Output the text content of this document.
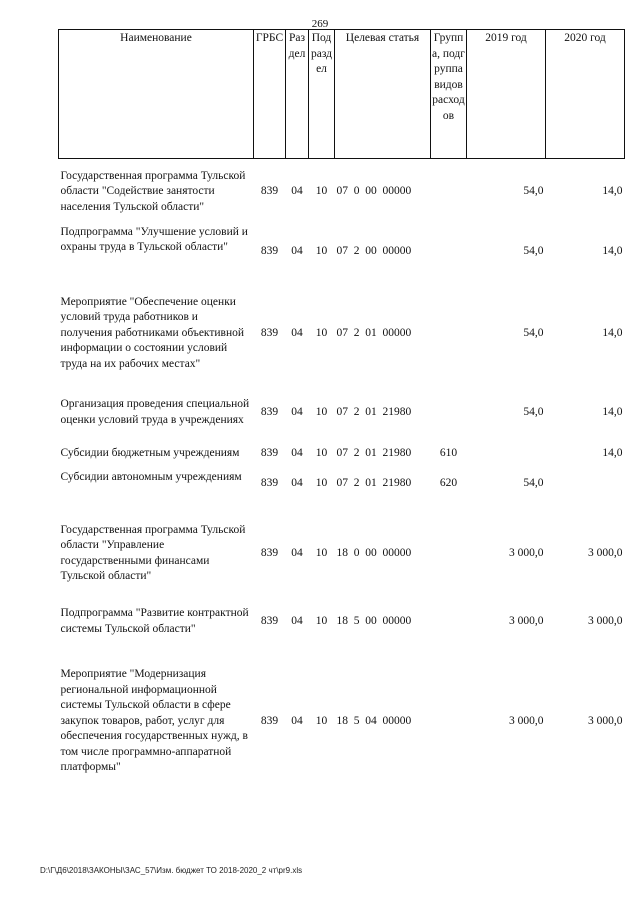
269
Наименование	ГРБС	Раздел	Подраздел	Целевая статья	Группа, подгруппа видов расходов	2019 год	2020 год
Государственная программа Тульской области "Содействие занятости населения Тульской области"	839	04	10	07  0  00  00000		54,0	14,0
Подпрограмма "Улучшение условий и охраны труда в Тульской области"	839	04	10	07  2  00  00000		54,0	14,0
Мероприятие "Обеспечение оценки условий труда работников и получения работниками объективной информации о состоянии условий труда на их рабочих местах"	839	04	10	07  2  01  00000		54,0	14,0
Организация проведения специальной оценки условий труда в учреждениях	839	04	10	07  2  01  21980		54,0	14,0
Субсидии бюджетным учреждениям	839	04	10	07  2  01  21980	610		14,0
Субсидии автономным учреждениям	839	04	10	07  2  01  21980	620	54,0	
Государственная программа Тульской области "Управление государственными финансами Тульской области"	839	04	10	18  0  00  00000		3 000,0	3 000,0
Подпрограмма "Развитие контрактной системы Тульской области"	839	04	10	18  5  00  00000		3 000,0	3 000,0
Мероприятие "Модернизация региональной информационной системы Тульской области в сфере закупок товаров, работ, услуг для обеспечения государственных нужд, в том числе программно-аппаратной платформы"	839	04	10	18  5  04  00000		3 000,0	3 000,0
D:\Г\Д6\2018\ЗАКОНЫ\ЗАС_57\Изм. бюджет ТО 2018-2020_2 чт\pr9.xls
